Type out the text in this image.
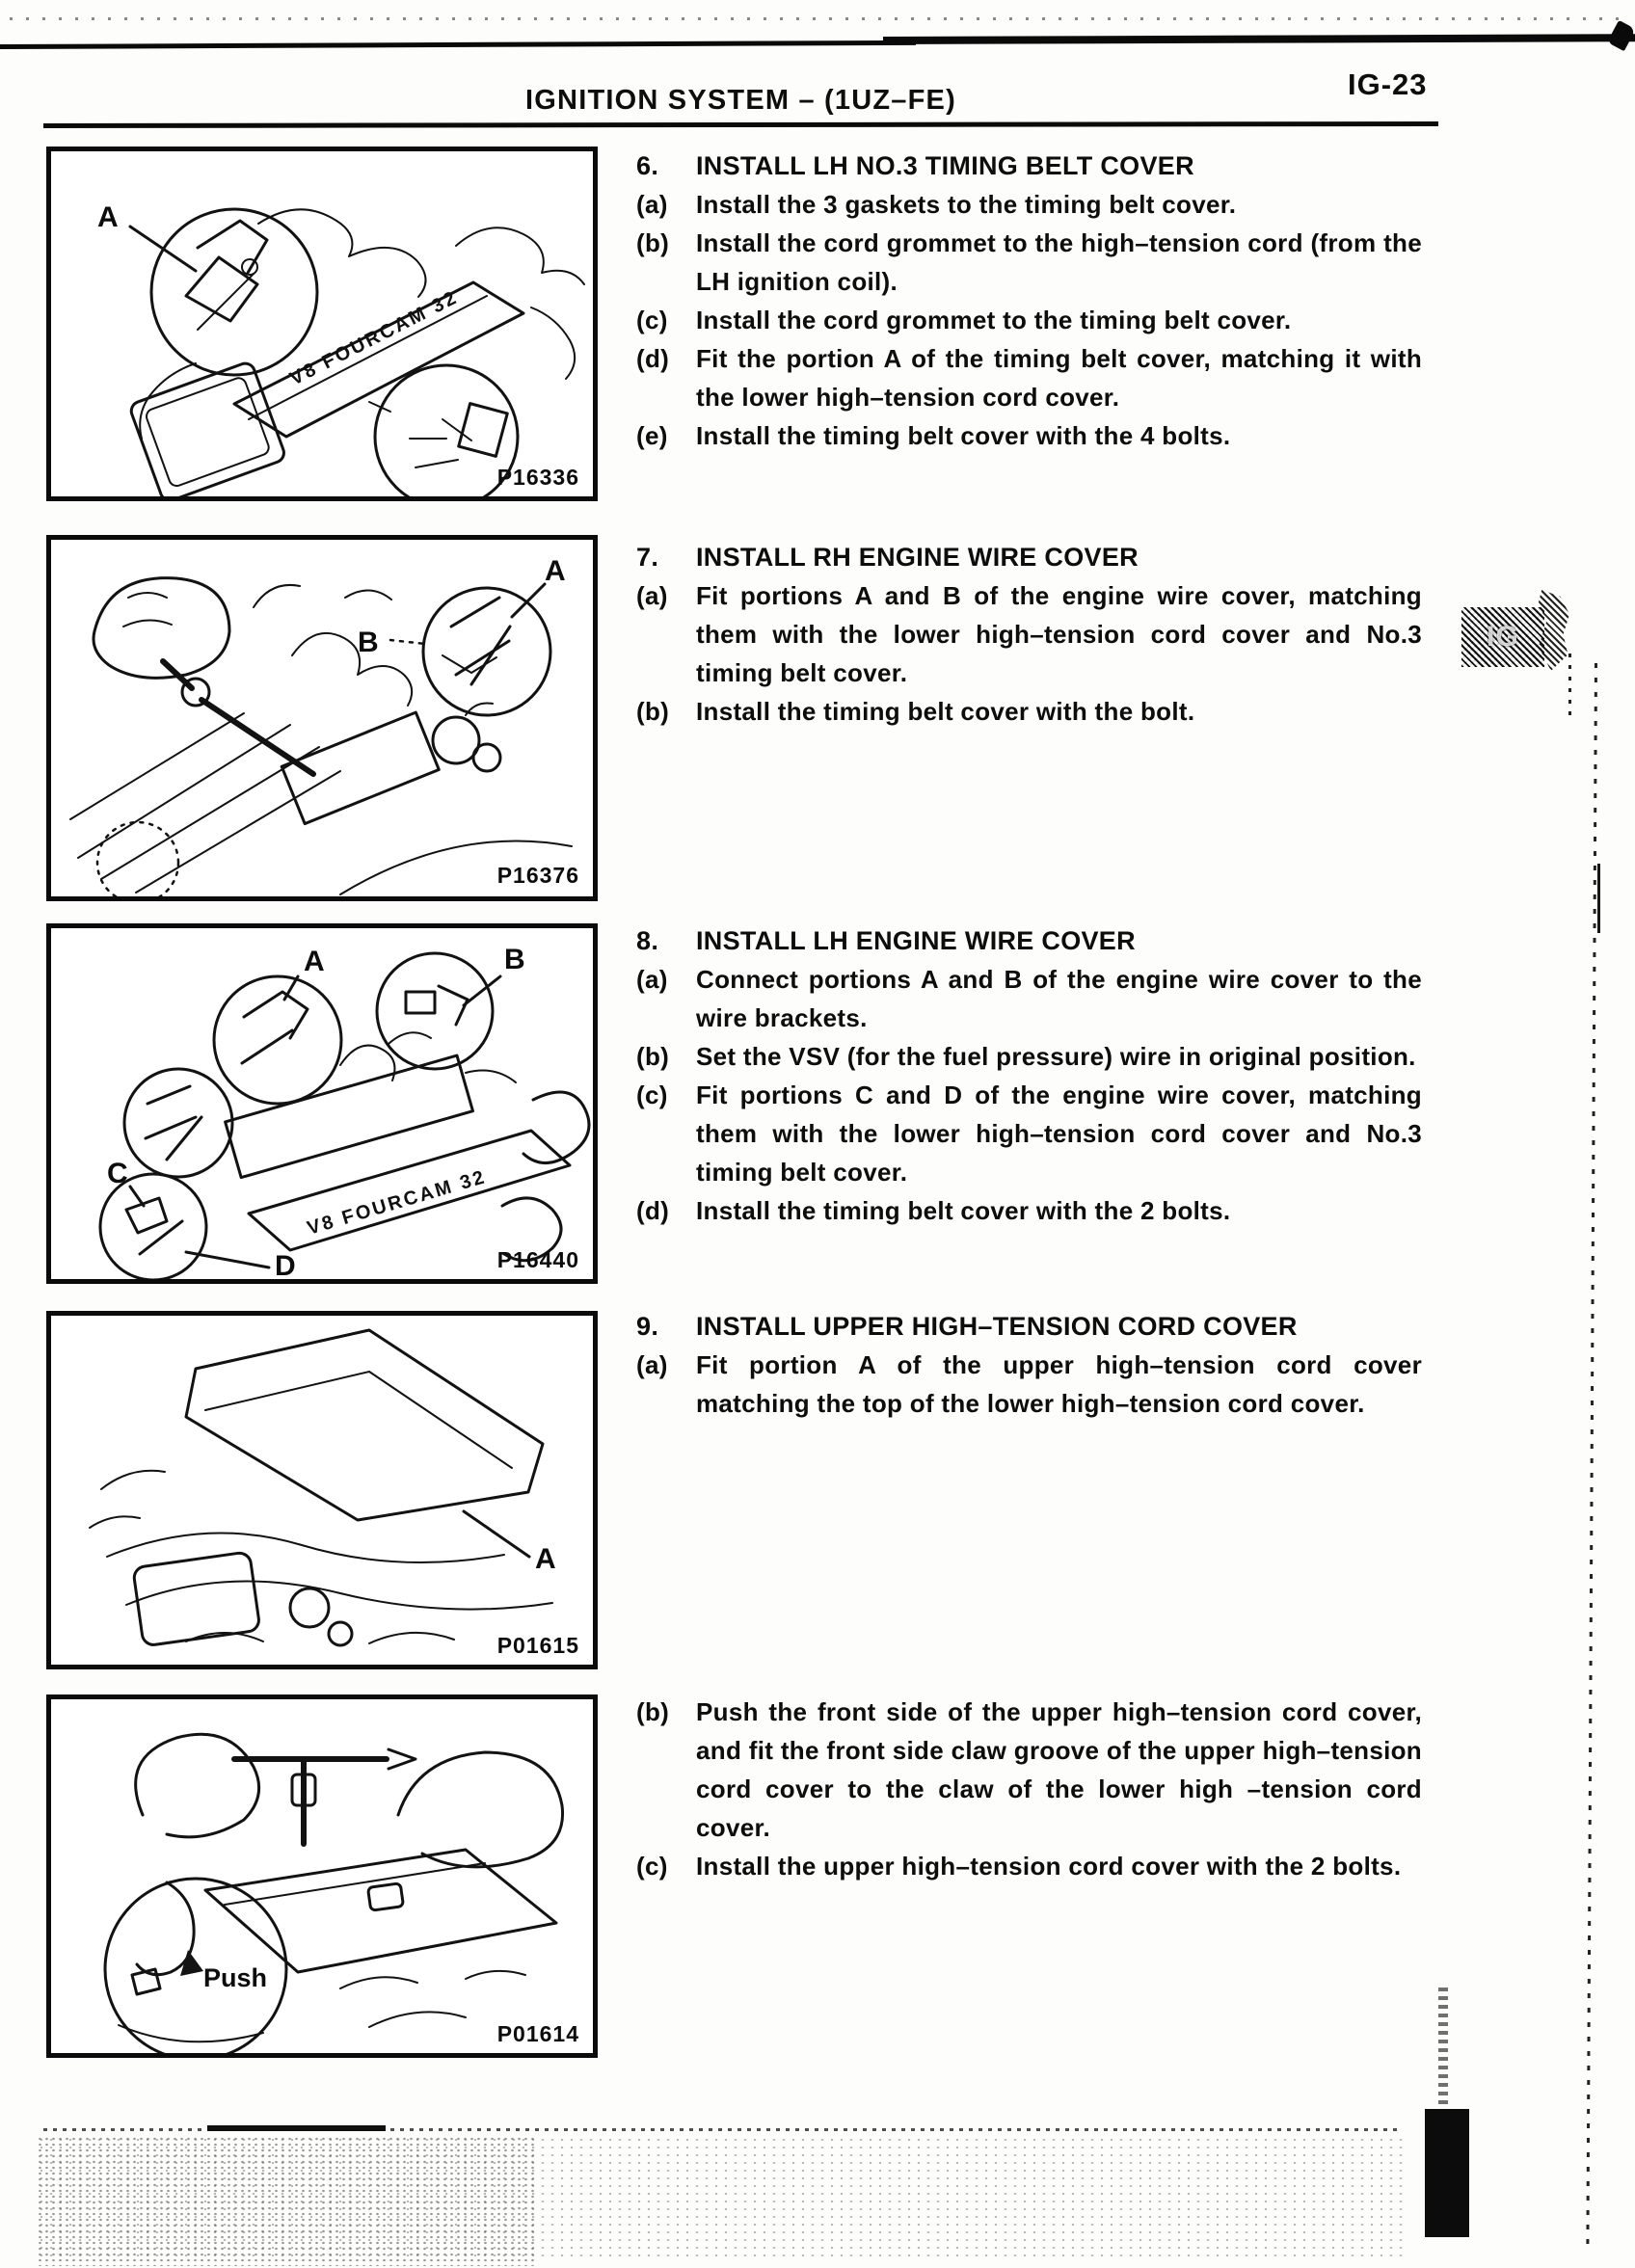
IGNITION SYSTEM – (1UZ–FE)	IG-23
IG
V8 FOURCAM 32
A
P16336
A
B
P16376
V8 FOURCAM 32
A	B
C
D	P16440
A
P01615
Push
P01614
6.	INSTALL LH NO.3 TIMING BELT COVER
(a)	Install the 3 gaskets to the timing belt cover.
(b)	Install the cord grommet to the high–tension cord (from the LH ignition coil).
(c)	Install the cord grommet to the timing belt cover.
(d)	Fit the portion A of the timing belt cover, matching it with the lower high–tension cord cover.
(e)	Install the timing belt cover with the 4 bolts.
7.	INSTALL RH ENGINE WIRE COVER
(a)	Fit portions A and B of the engine wire cover, matching them with the lower high–tension cord cover and No.3 timing belt cover.
(b)	Install the timing belt cover with the bolt.
8.	INSTALL LH ENGINE WIRE COVER
(a)	Connect portions A and B of the engine wire cover to the wire brackets.
(b)	Set the VSV (for the fuel pressure) wire in original position.
(c)	Fit portions C and D of the engine wire cover, matching them with the lower high–tension cord cover and No.3 timing belt cover.
(d)	Install the timing belt cover with the 2 bolts.
9.	INSTALL UPPER HIGH–TENSION CORD COVER
(a)	Fit portion A of the upper high–tension cord cover matching the top of the lower high–tension cord cover.
(b)	Push the front side of the upper high–tension cord cover, and fit the front side claw groove of the upper high–tension cord cover to the claw of the lower high –tension cord cover.
(c)	Install the upper high–tension cord cover with the 2 bolts.
